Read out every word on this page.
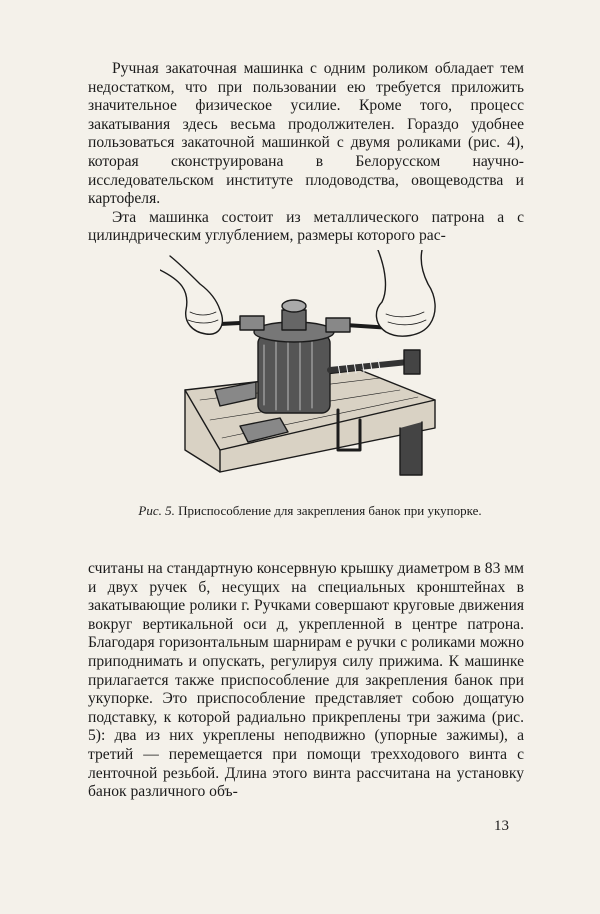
Ручная закаточная машинка с одним роликом обладает тем недостатком, что при пользовании ею требуется приложить значительное физическое усилие. Кроме того, процесс закатывания здесь весьма продолжителен. Гораздо удобнее пользоваться закаточной машинкой с двумя роликами (рис. 4), которая сконструирована в Белорусском научно-исследовательском институте плодоводства, овощеводства и картофеля.

Эта машинка состоит из металлического патрона а с цилиндрическим углублением, размеры которого рас-

Рис. 5. Приспособление для закрепления банок при укупорке.

считаны на стандартную консервную крышку диаметром в 83 мм и двух ручек б, несущих на специальных кронштейнах в закатывающие ролики г. Ручками совершают круговые движения вокруг вертикальной оси д, укрепленной в центре патрона. Благодаря горизонтальным шарнирам е ручки с роликами можно приподнимать и опускать, регулируя силу прижима. К машинке прилагается также приспособление для закрепления банок при укупорке. Это приспособление представляет собою дощатую подставку, к которой радиально прикреплены три зажима (рис. 5): два из них укреплены неподвижно (упорные зажимы), а третий — перемещается при помощи трехходового винта с ленточной резьбой. Длина этого винта рассчитана на установку банок различного объ-

13
